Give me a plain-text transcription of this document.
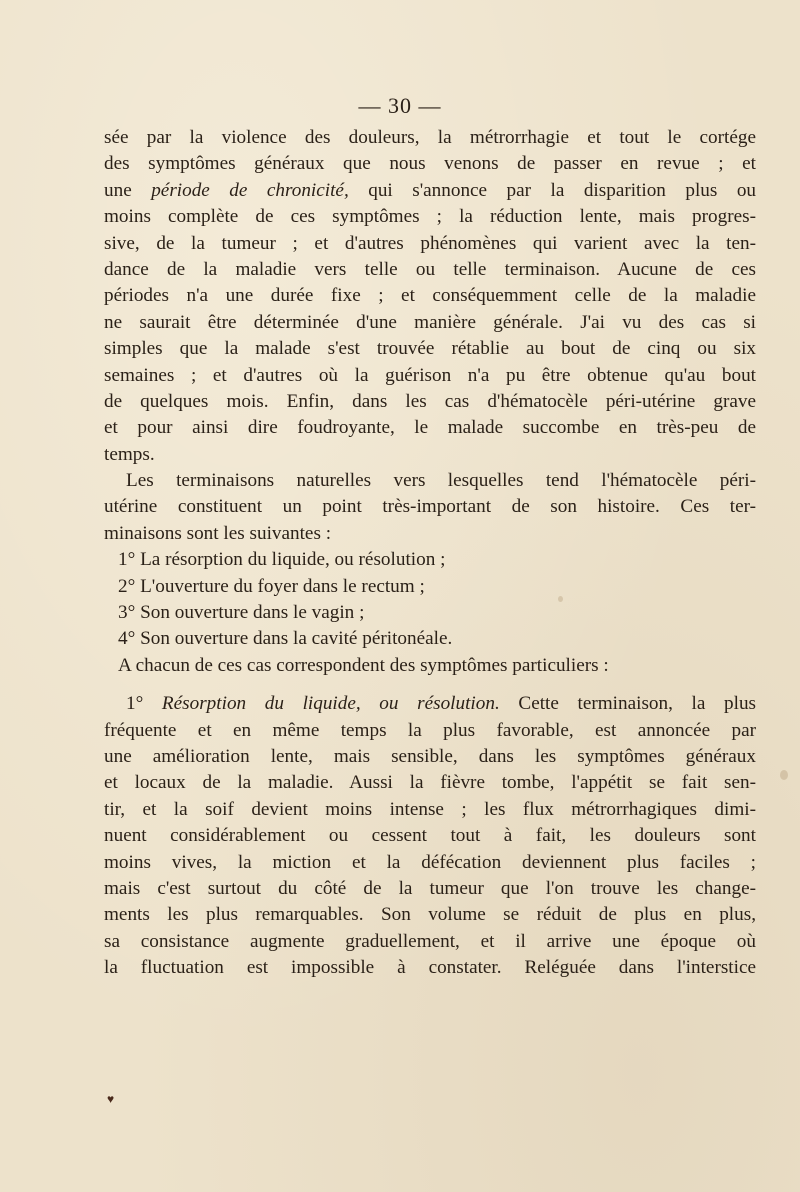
— 30 —
sée par la violence des douleurs, la métrorrhagie et tout le cortége
des symptômes généraux que nous venons de passer en revue ; et
une période de chronicité, qui s'annonce par la disparition plus ou
moins complète de ces symptômes ; la réduction lente, mais progres-
sive, de la tumeur ; et d'autres phénomènes qui varient avec la ten-
dance de la maladie vers telle ou telle terminaison. Aucune de ces
périodes n'a une durée fixe ; et conséquemment celle de la maladie
ne saurait être déterminée d'une manière générale. J'ai vu des cas si
simples que la malade s'est trouvée rétablie au bout de cinq ou six
semaines ; et d'autres où la guérison n'a pu être obtenue qu'au bout
de quelques mois. Enfin, dans les cas d'hématocèle péri-utérine grave
et pour ainsi dire foudroyante, le malade succombe en très-peu de
temps.
Les terminaisons naturelles vers lesquelles tend l'hématocèle péri-
utérine constituent un point très-important de son histoire. Ces ter-
minaisons sont les suivantes :
1° La résorption du liquide, ou résolution ;
2° L'ouverture du foyer dans le rectum ;
3° Son ouverture dans le vagin ;
4° Son ouverture dans la cavité péritonéale.
A chacun de ces cas correspondent des symptômes particuliers :
1° Résorption du liquide, ou résolution. Cette terminaison, la plus
fréquente et en même temps la plus favorable, est annoncée par
une amélioration lente, mais sensible, dans les symptômes généraux
et locaux de la maladie. Aussi la fièvre tombe, l'appétit se fait sen-
tir, et la soif devient moins intense ; les flux métrorrhagiques dimi-
nuent considérablement ou cessent tout à fait, les douleurs sont
moins vives, la miction et la défécation deviennent plus faciles ;
mais c'est surtout du côté de la tumeur que l'on trouve les change-
ments les plus remarquables. Son volume se réduit de plus en plus,
sa consistance augmente graduellement, et il arrive une époque où
la fluctuation est impossible à constater. Reléguée dans l'interstice
♥
